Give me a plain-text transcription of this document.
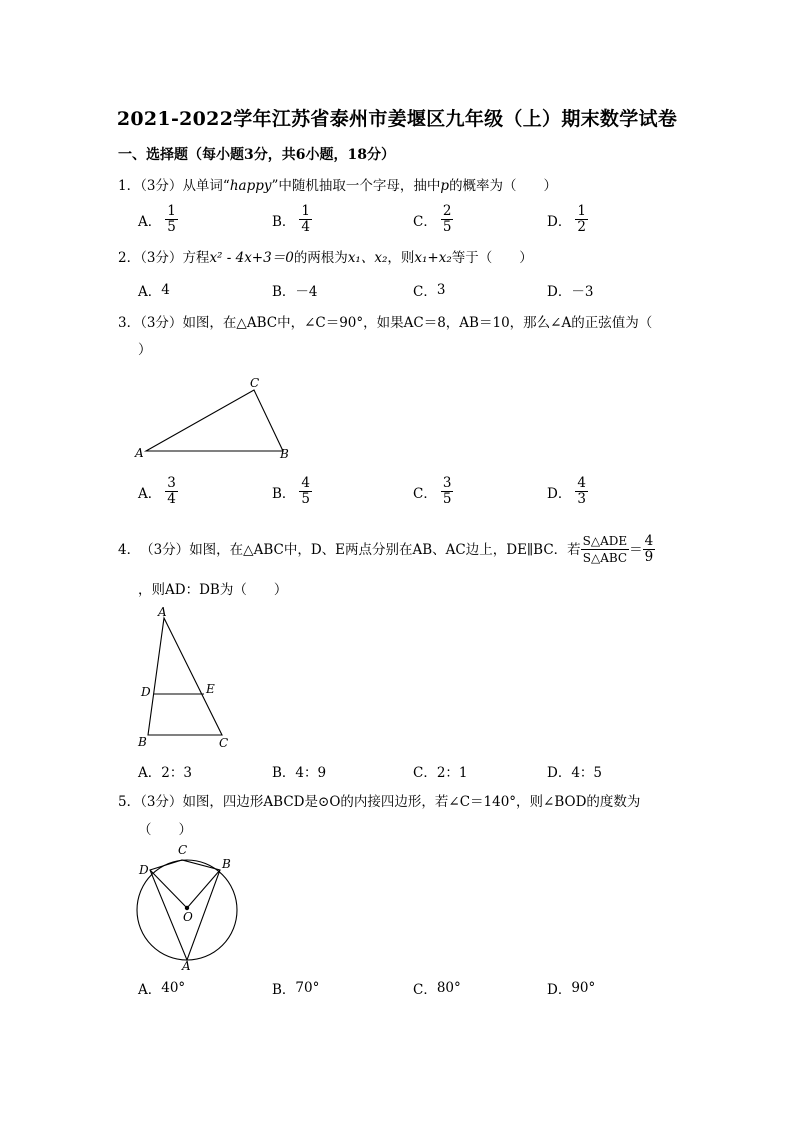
2021-2022学年江苏省泰州市姜堰区九年级（上）期末数学试卷
一、选择题（每小题3分，共6小题，18分）
1．（3分）从单词“happy”中随机抽取一个字母，抽中p的概率为（　　）
A． $\frac{1}{5}$	B． $\frac{1}{4}$	C． $\frac{2}{5}$	D． $\frac{1}{2}$
2．（3分）方程x² - 4x+3＝0的两根为x₁、x₂，则x₁+x₂等于（　　）
A． 4	B． －4	C． 3	D． －3
3．（3分）如图，在△ABC中，∠C＝90°，如果AC＝8，AB＝10，那么∠A的正弦值为（
）
A
C
B
A． $\frac{3}{4}$	B． $\frac{4}{5}$	C． $\frac{3}{5}$	D． $\frac{4}{3}$
4． （3分） 如图，在△ABC中，D、E两点分别在AB、AC边上，DE∥BC．若 $\frac{\text{S△ADE}}{\text{S△ABC}} = \frac{4}{9}$
，则AD：DB为（　　）
A
D	E
B	C
A． 2：3	B． 4：9	C． 2：1	D． 4：5
5．（3分）如图，四边形ABCD是⊙O的内接四边形，若∠C＝140°，则∠BOD的度数为
（　　）
C
B
D
O
A
A． 40°	B． 70°	C． 80°	D． 90°
